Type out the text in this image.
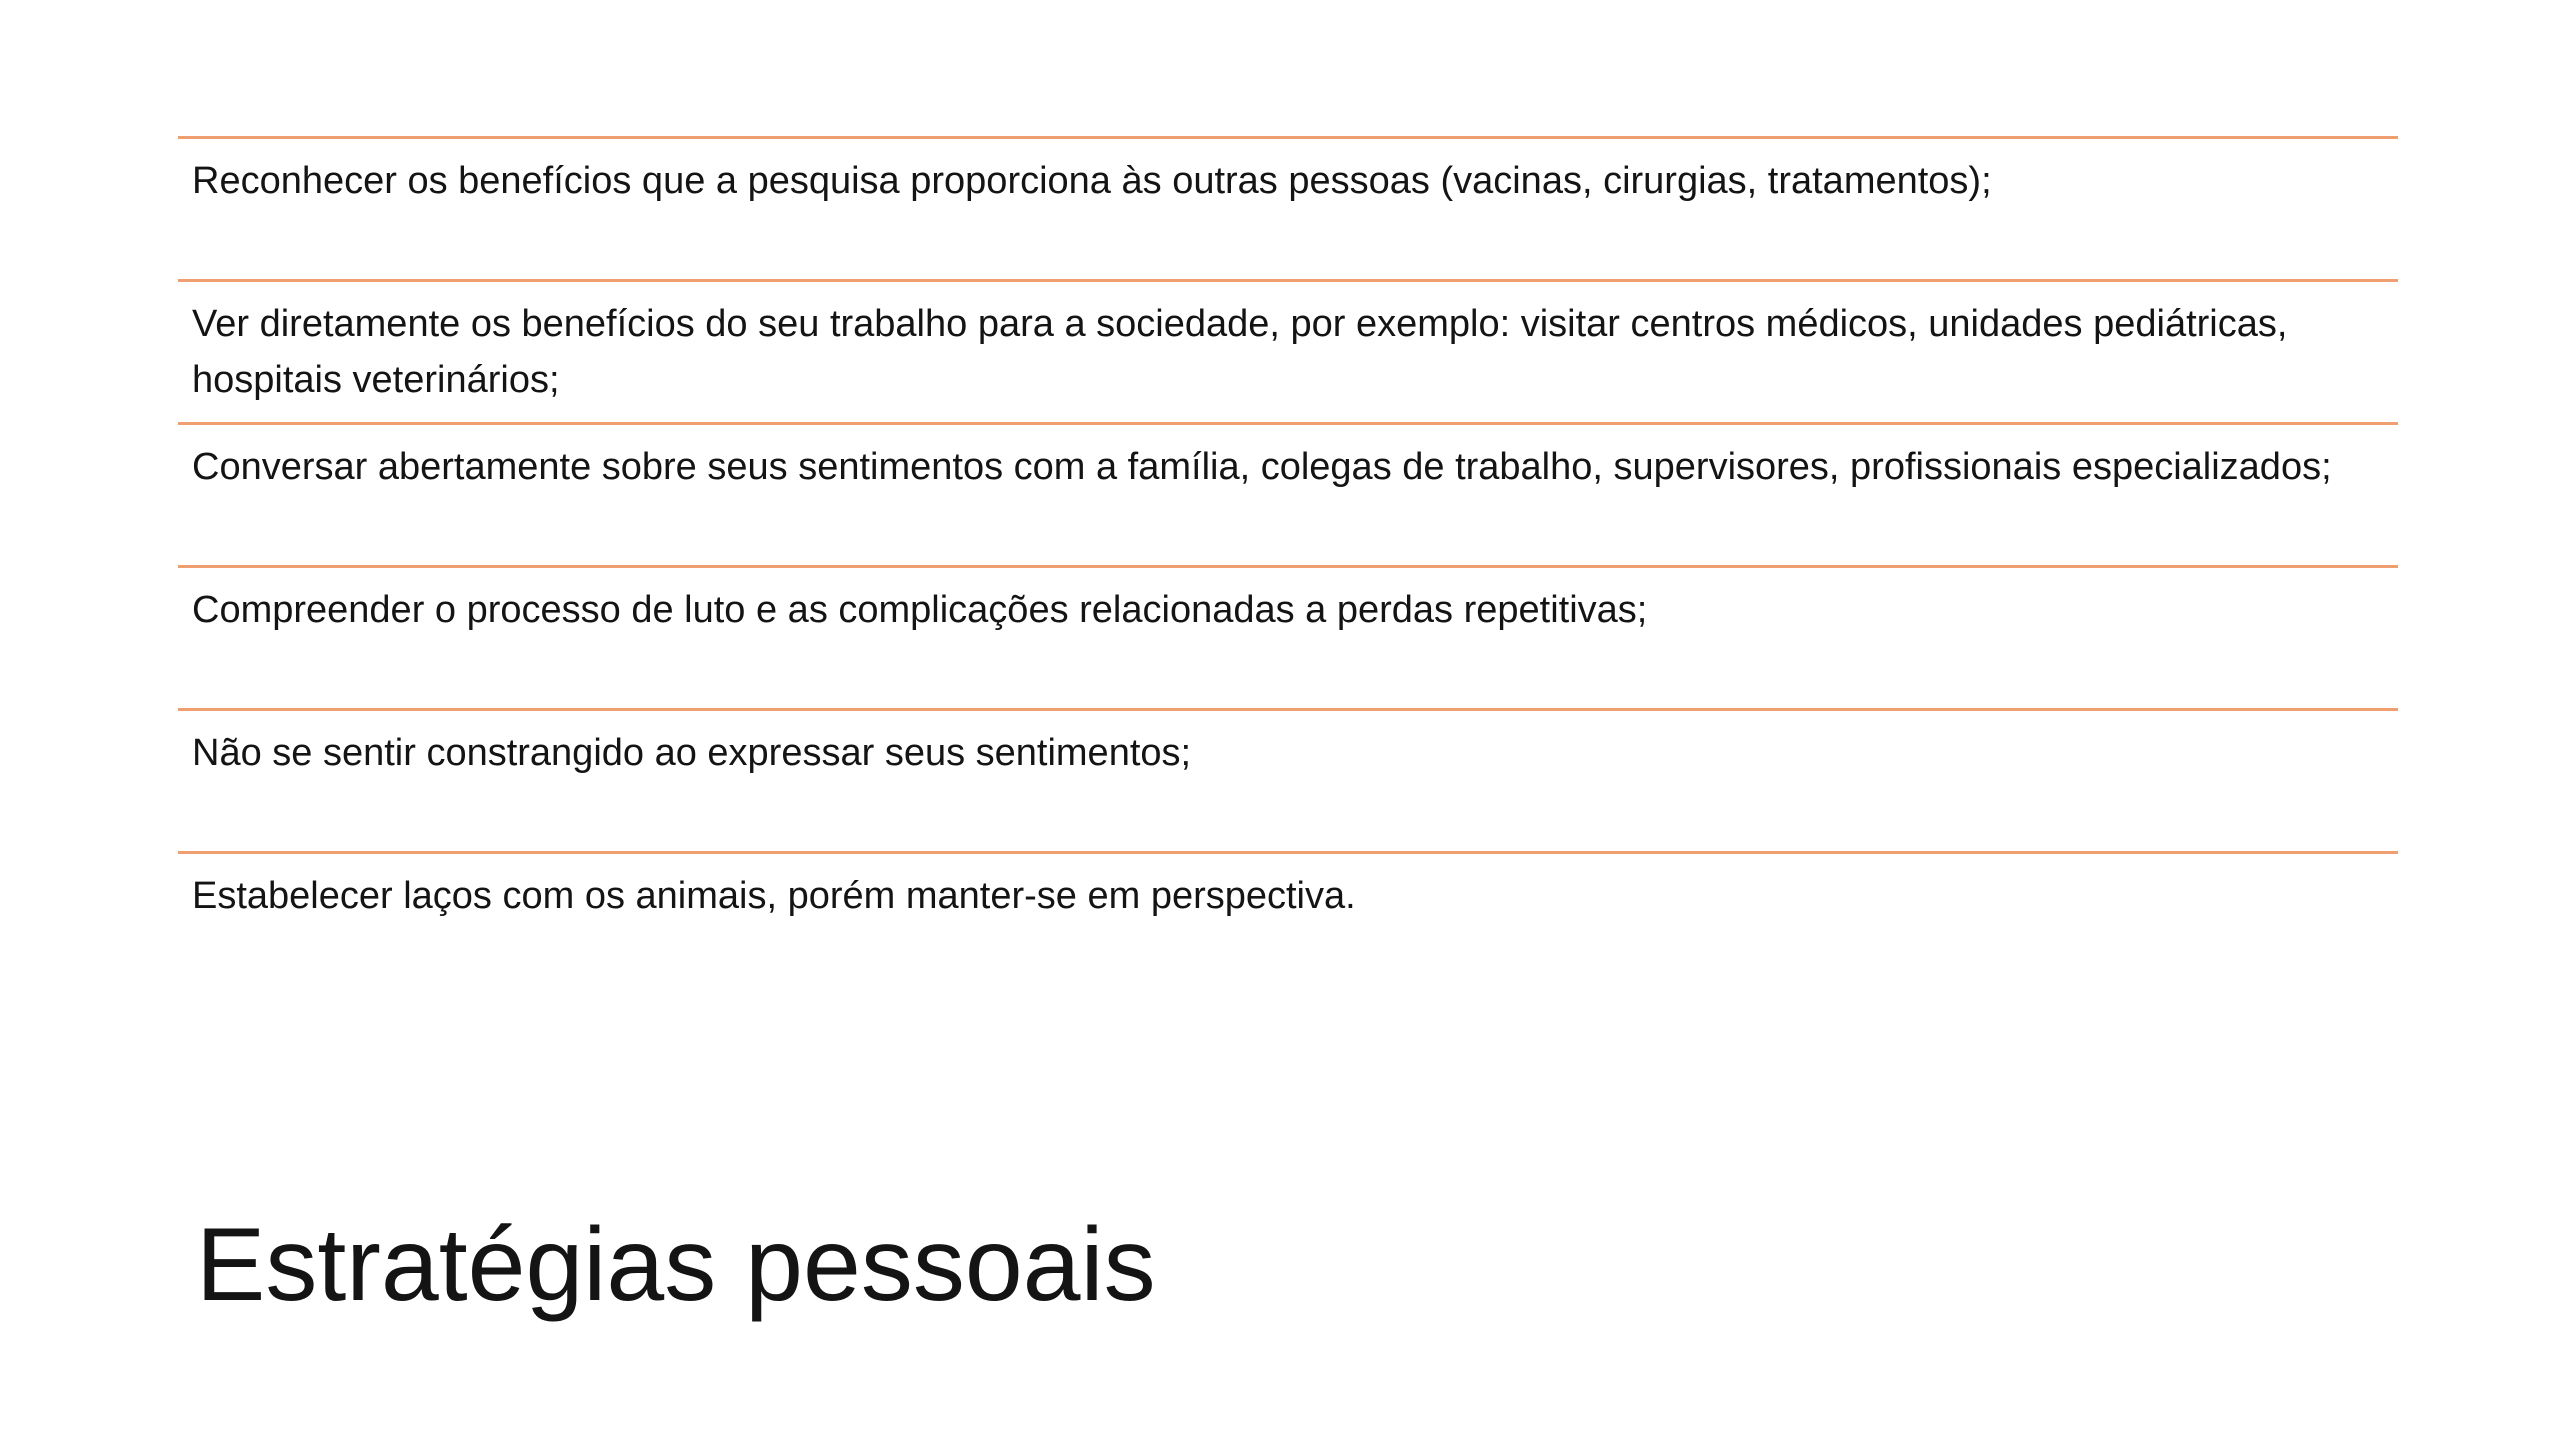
Reconhecer os benefícios que a pesquisa proporciona às outras pessoas (vacinas, cirurgias, tratamentos);
Ver diretamente os benefícios do seu trabalho para a sociedade, por exemplo: visitar centros médicos, unidades pediátricas, hospitais veterinários;
Conversar abertamente sobre seus sentimentos com a família, colegas de trabalho, supervisores, profissionais especializados;
Compreender o processo de luto e as complicações relacionadas a perdas repetitivas;
Não se sentir constrangido ao expressar seus sentimentos;
Estabelecer laços com os animais, porém manter-se em perspectiva.
Estratégias pessoais
